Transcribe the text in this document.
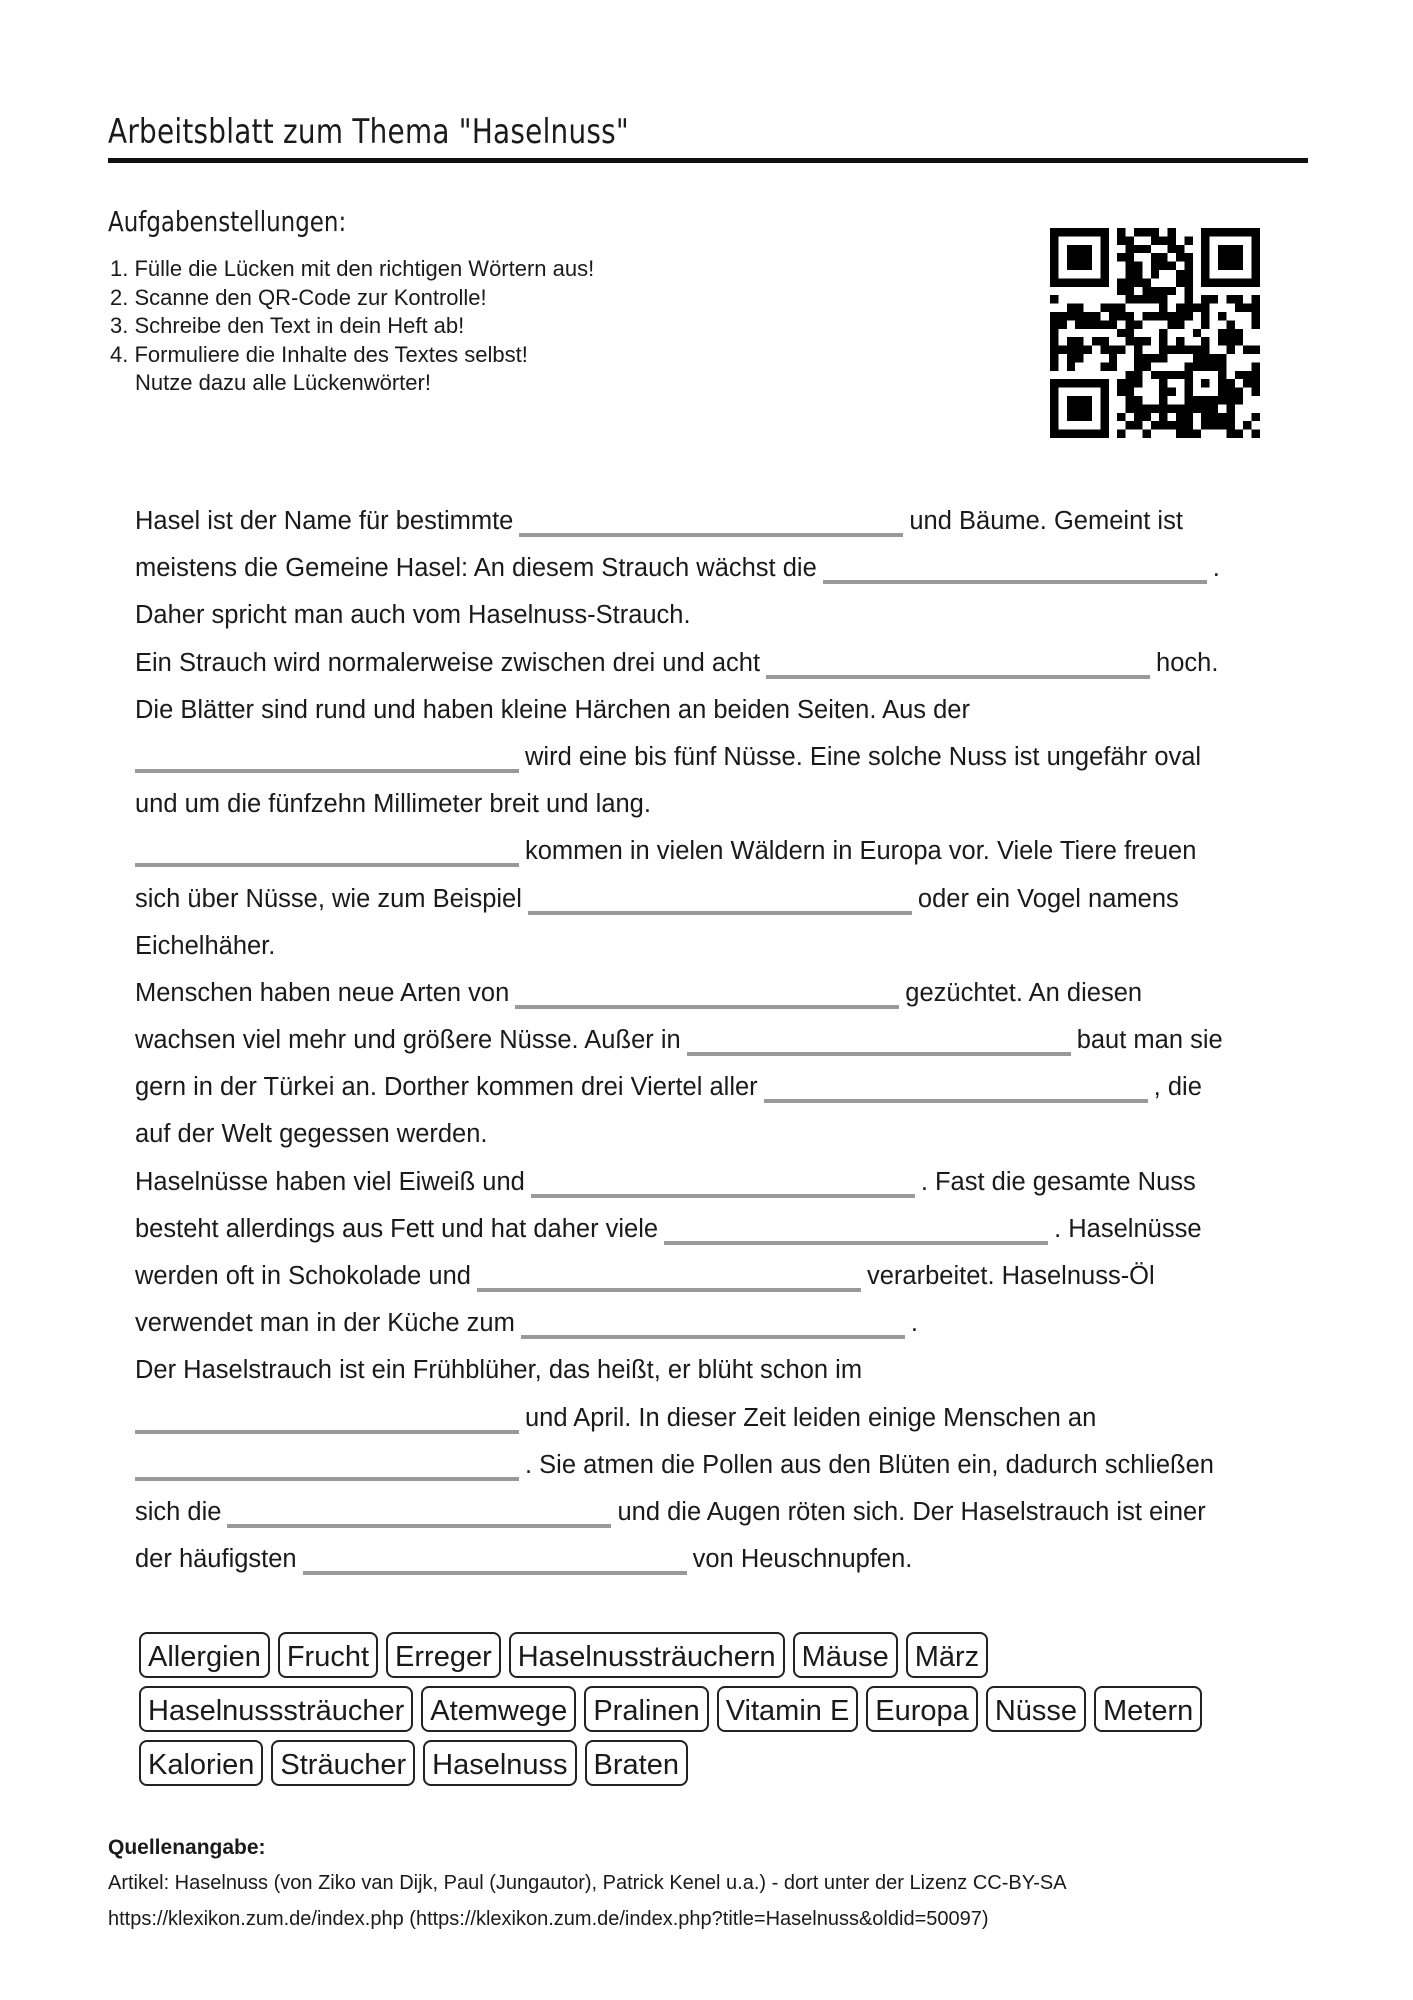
Arbeitsblatt zum Thema "Haselnuss"
Aufgabenstellungen:
1. Fülle die Lücken mit den richtigen Wörtern aus!
2. Scanne den QR-Code zur Kontrolle!
3. Schreibe den Text in dein Heft ab!
4. Formuliere die Inhalte des Textes selbst!
Nutze dazu alle Lückenwörter!
Hasel ist der Name für bestimmte	und Bäume. Gemeint ist
meistens die Gemeine Hasel: An diesem Strauch wächst die	.
Daher spricht man auch vom Haselnuss-Strauch.
Ein Strauch wird normalerweise zwischen drei und acht	hoch.
Die Blätter sind rund und haben kleine Härchen an beiden Seiten. Aus der
wird eine bis fünf Nüsse. Eine solche Nuss ist ungefähr oval
und um die fünfzehn Millimeter breit und lang.
kommen in vielen Wäldern in Europa vor. Viele Tiere freuen
sich über Nüsse, wie zum Beispiel	oder ein Vogel namens
Eichelhäher.
Menschen haben neue Arten von	gezüchtet. An diesen
wachsen viel mehr und größere Nüsse. Außer in	baut man sie
gern in der Türkei an. Dorther kommen drei Viertel aller	, die
auf der Welt gegessen werden.
Haselnüsse haben viel Eiweiß und	. Fast die gesamte Nuss
besteht allerdings aus Fett und hat daher viele	. Haselnüsse
werden oft in Schokolade und	verarbeitet. Haselnuss-Öl
verwendet man in der Küche zum	.
Der Haselstrauch ist ein Frühblüher, das heißt, er blüht schon im
und April. In dieser Zeit leiden einige Menschen an
. Sie atmen die Pollen aus den Blüten ein, dadurch schließen
sich die	und die Augen röten sich. Der Haselstrauch ist einer
der häufigsten	von Heuschnupfen.
Allergien Frucht Erreger Haselnussträuchern Mäuse März
Haselnusssträucher Atemwege Pralinen Vitamin E Europa Nüsse Metern
Kalorien Sträucher Haselnuss Braten
Quellenangabe:
Artikel: Haselnuss (von Ziko van Dijk, Paul (Jungautor), Patrick Kenel u.a.) - dort unter der Lizenz CC-BY-SA
https://klexikon.zum.de/index.php (https://klexikon.zum.de/index.php?title=Haselnuss&oldid=50097)
